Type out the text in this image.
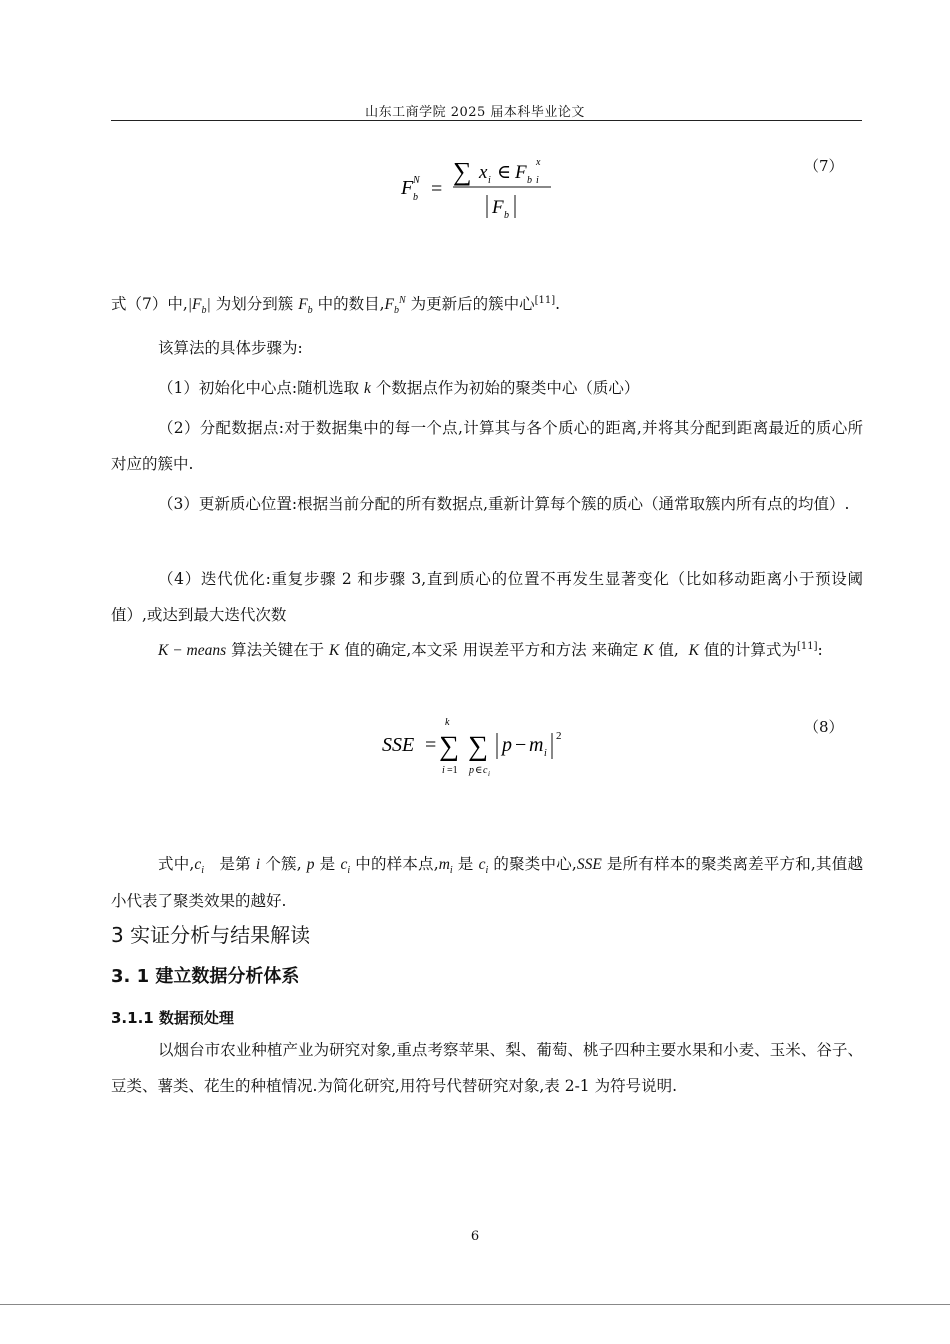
山东工商学院 2025 届本科毕业论文
F b
N =
∑ x i ∈ F b
x
i
F b
（7）
式（7）中$,|F_b|$ 为划分到簇 $F_b$ 中的数目$,F_b^N$ 为更新后的簇中心[11].
该算法的具体步骤为:
（1）初始化中心点:随机选取 k 个数据点作为初始的聚类中心（质心）
（2）分配数据点:对于数据集中的每一个点,计算其与各个质心的距离,并将其分配到距离最近的质心所对应的簇中.
（3）更新质心位置:根据当前分配的所有数据点,重新计算每个簇的质心（通常取簇内所有点的均值）.
（4）迭代优化:重复步骤 2 和步骤 3,直到质心的位置不再发生显著变化（比如移动距离小于预设阈值）,或达到最大迭代次数
K − means 算法关键在于 K 值的确定,本文采 用误差平方和方法 来确定 K 值, K 值的计算式为[11]:
SSE =
k
∑
i =1
∑
p ∈ c i
p − m i
2	（8）
式中$,c_i$ 是第 i 个簇, p 是 $c_i$ 中的样本点$,m_i$ 是 $c_i$ 的聚类中心,SSE 是所有样本的聚类离差平方和,其值越小代表了聚类效果的越好.
3 实证分析与结果解读
3. 1 建立数据分析体系
3.1.1 数据预处理
以烟台市农业种植产业为研究对象,重点考察苹果、梨、葡萄、桃子四种主要水果和小麦、玉米、谷子、豆类、薯类、花生的种植情况.为简化研究,用符号代替研究对象,表 2-1 为符号说明.
6
